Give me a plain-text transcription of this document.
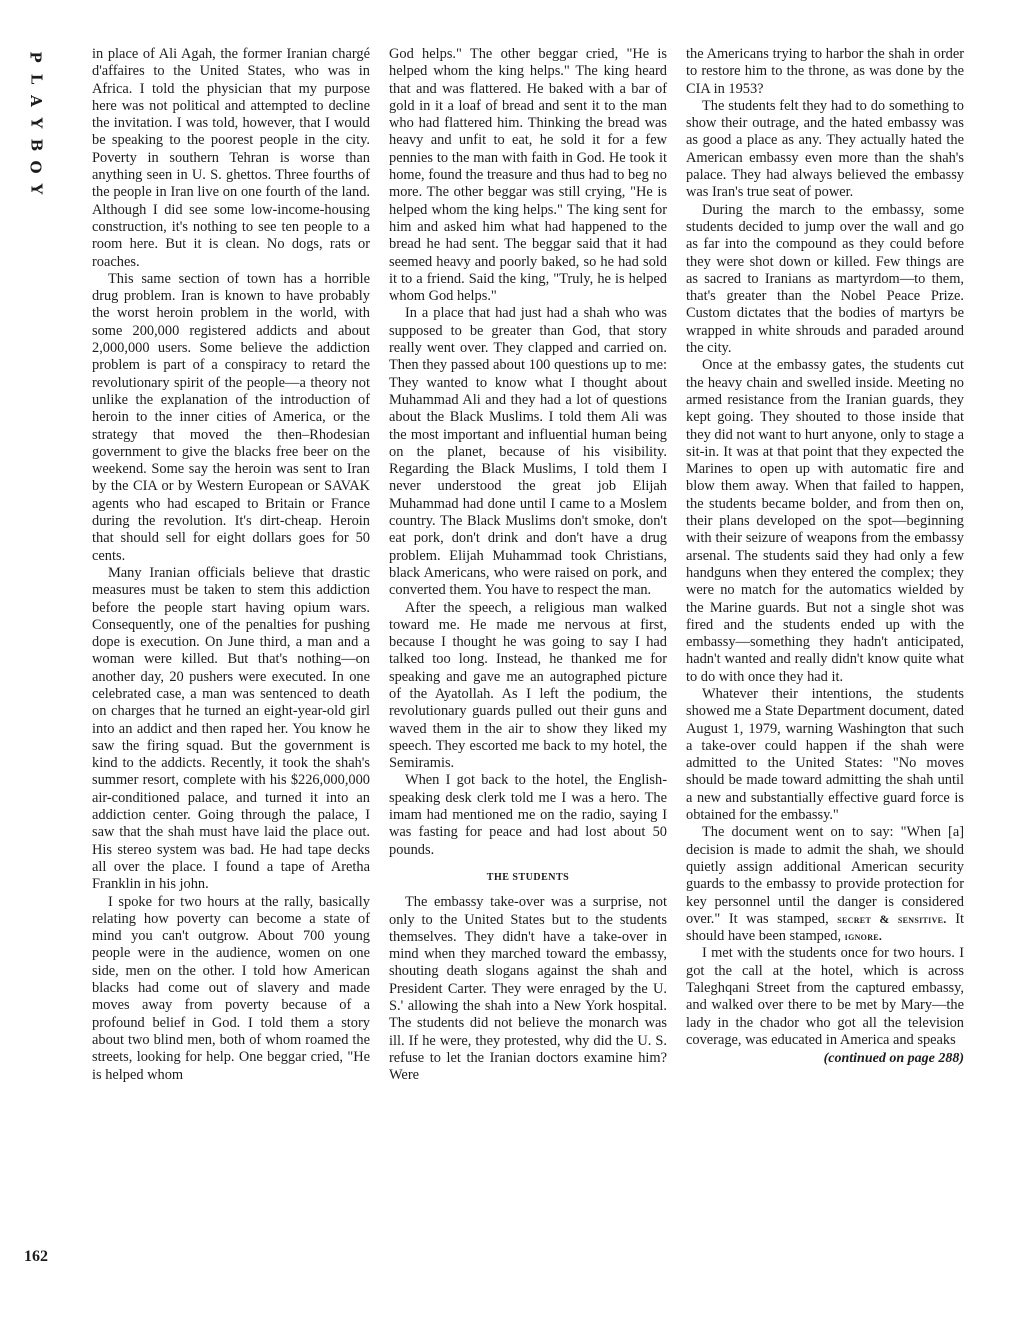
P
L
A
Y
B
O
Y
162

in place of Ali Agah, the former Iranian chargé d'affaires to the United States, who was in Africa. I told the physician that my purpose here was not political and attempted to decline the invitation. I was told, however, that I would be speaking to the poorest people in the city. Poverty in southern Tehran is worse than anything seen in U. S. ghettos. Three fourths of the people in Iran live on one fourth of the land. Although I did see some low-income-housing construction, it's nothing to see ten people to a room here. But it is clean. No dogs, rats or roaches.

This same section of town has a horrible drug problem. Iran is known to have probably the worst heroin problem in the world, with some 200,000 registered addicts and about 2,000,000 users. Some believe the addiction problem is part of a conspiracy to retard the revolutionary spirit of the people—a theory not unlike the explanation of the introduction of heroin to the inner cities of America, or the strategy that moved the then–Rhodesian government to give the blacks free beer on the weekend. Some say the heroin was sent to Iran by the CIA or by Western European or SAVAK agents who had escaped to Britain or France during the revolution. It's dirt-cheap. Heroin that should sell for eight dollars goes for 50 cents.

Many Iranian officials believe that drastic measures must be taken to stem this addiction before the people start having opium wars. Consequently, one of the penalties for pushing dope is execution. On June third, a man and a woman were killed. But that's nothing—on another day, 20 pushers were executed. In one celebrated case, a man was sentenced to death on charges that he turned an eight-year-old girl into an addict and then raped her. You know he saw the firing squad. But the government is kind to the addicts. Recently, it took the shah's summer resort, complete with his $226,000,000 air-conditioned palace, and turned it into an addiction center. Going through the palace, I saw that the shah must have laid the place out. His stereo system was bad. He had tape decks all over the place. I found a tape of Aretha Franklin in his john.

I spoke for two hours at the rally, basically relating how poverty can become a state of mind you can't outgrow. About 700 young people were in the audience, women on one side, men on the other. I told how American blacks had come out of slavery and made moves away from poverty because of a profound belief in God. I told them a story about two blind men, both of whom roamed the streets, looking for help. One beggar cried, "He is helped whom

God helps." The other beggar cried, "He is helped whom the king helps." The king heard that and was flattered. He baked with a bar of gold in it a loaf of bread and sent it to the man who had flattered him. Thinking the bread was heavy and unfit to eat, he sold it for a few pennies to the man with faith in God. He took it home, found the treasure and thus had to beg no more. The other beggar was still crying, "He is helped whom the king helps." The king sent for him and asked him what had happened to the bread he had sent. The beggar said that it had seemed heavy and poorly baked, so he had sold it to a friend. Said the king, "Truly, he is helped whom God helps."

In a place that had just had a shah who was supposed to be greater than God, that story really went over. They clapped and carried on. Then they passed about 100 questions up to me: They wanted to know what I thought about Muhammad Ali and they had a lot of questions about the Black Muslims. I told them Ali was the most important and influential human being on the planet, because of his visibility. Regarding the Black Muslims, I told them I never understood the great job Elijah Muhammad had done until I came to a Moslem country. The Black Muslims don't smoke, don't eat pork, don't drink and don't have a drug problem. Elijah Muhammad took Christians, black Americans, who were raised on pork, and converted them. You have to respect the man.

After the speech, a religious man walked toward me. He made me nervous at first, because I thought he was going to say I had talked too long. Instead, he thanked me for speaking and gave me an autographed picture of the Ayatollah. As I left the podium, the revolutionary guards pulled out their guns and waved them in the air to show they liked my speech. They escorted me back to my hotel, the Semiramis.

When I got back to the hotel, the English-speaking desk clerk told me I was a hero. The imam had mentioned me on the radio, saying I was fasting for peace and had lost about 50 pounds.

THE STUDENTS

The embassy take-over was a surprise, not only to the United States but to the students themselves. They didn't have a take-over in mind when they marched toward the embassy, shouting death slogans against the shah and President Carter. They were enraged by the U. S.' allowing the shah into a New York hospital. The students did not believe the monarch was ill. If he were, they protested, why did the U. S. refuse to let the Iranian doctors examine him? Were

the Americans trying to harbor the shah in order to restore him to the throne, as was done by the CIA in 1953?

The students felt they had to do something to show their outrage, and the hated embassy was as good a place as any. They actually hated the American embassy even more than the shah's palace. They had always believed the embassy was Iran's true seat of power.

During the march to the embassy, some students decided to jump over the wall and go as far into the compound as they could before they were shot down or killed. Few things are as sacred to Iranians as martyrdom—to them, that's greater than the Nobel Peace Prize. Custom dictates that the bodies of martyrs be wrapped in white shrouds and paraded around the city.

Once at the embassy gates, the students cut the heavy chain and swelled inside. Meeting no armed resistance from the Iranian guards, they kept going. They shouted to those inside that they did not want to hurt anyone, only to stage a sit-in. It was at that point that they expected the Marines to open up with automatic fire and blow them away. When that failed to happen, the students became bolder, and from then on, their plans developed on the spot—beginning with their seizure of weapons from the embassy arsenal. The students said they had only a few handguns when they entered the complex; they were no match for the automatics wielded by the Marine guards. But not a single shot was fired and the students ended up with the embassy—something they hadn't anticipated, hadn't wanted and really didn't know quite what to do with once they had it.

Whatever their intentions, the students showed me a State Department document, dated August 1, 1979, warning Washington that such a take-over could happen if the shah were admitted to the United States: "No moves should be made toward admitting the shah until a new and substantially effective guard force is obtained for the embassy."

The document went on to say: "When [a] decision is made to admit the shah, we should quietly assign additional American security guards to the embassy to provide protection for key personnel until the danger is considered over." It was stamped, secret & sensitive. It should have been stamped, ignore.

I met with the students once for two hours. I got the call at the hotel, which is across Taleghqani Street from the captured embassy, and walked over there to be met by Mary—the lady in the chador who got all the television coverage, was educated in America and speaks

(continued on page 288)
